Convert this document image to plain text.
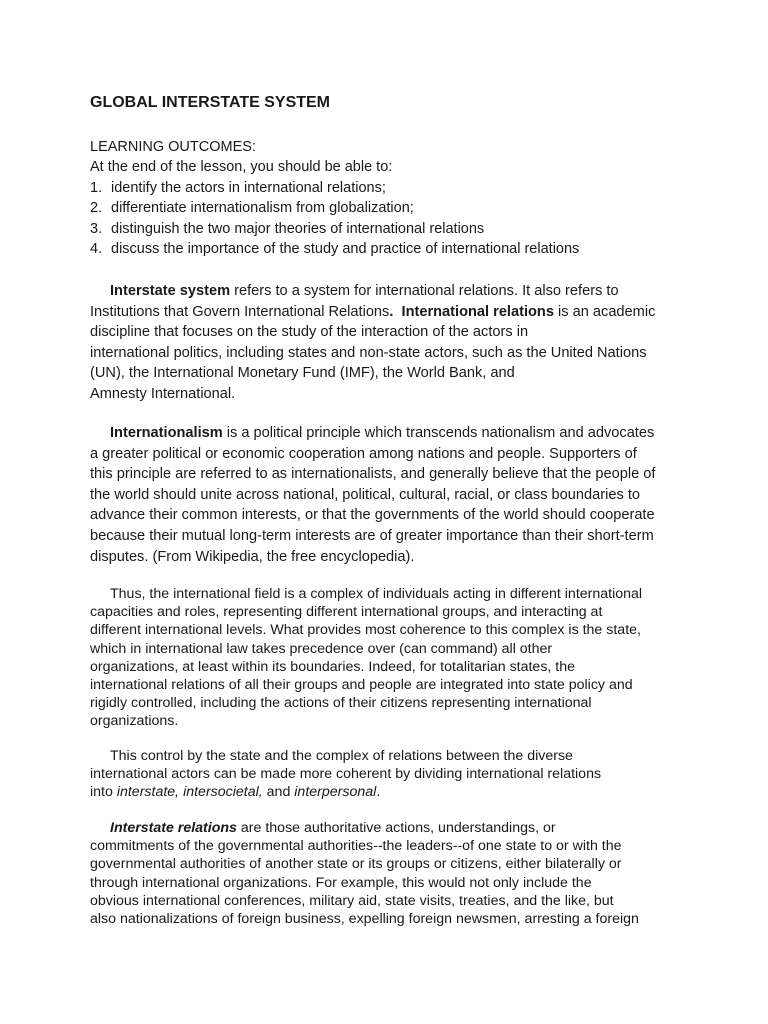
GLOBAL INTERSTATE SYSTEM
LEARNING OUTCOMES:
At the end of the lesson, you should be able to:
1. identify the actors in international relations;
2. differentiate internationalism from globalization;
3. distinguish the two major theories of international relations
4. discuss the importance of the study and practice of international relations
Interstate system refers to a system for international relations. It also refers to
Institutions that Govern International Relations. International relations is an academic
discipline that focuses on the study of the interaction of the actors in
international politics, including states and non-state actors, such as the United Nations
(UN), the International Monetary Fund (IMF), the World Bank, and
Amnesty International.
Internationalism is a political principle which transcends nationalism and advocates
a greater political or economic cooperation among nations and people. Supporters of
this principle are referred to as internationalists, and generally believe that the people of
the world should unite across national, political, cultural, racial, or class boundaries to
advance their common interests, or that the governments of the world should cooperate
because their mutual long-term interests are of greater importance than their short-term
disputes. (From Wikipedia, the free encyclopedia).
Thus, the international field is a complex of individuals acting in different international
capacities and roles, representing different international groups, and interacting at
different international levels. What provides most coherence to this complex is the state,
which in international law takes precedence over (can command) all other
organizations, at least within its boundaries. Indeed, for totalitarian states, the
international relations of all their groups and people are integrated into state policy and
rigidly controlled, including the actions of their citizens representing international
organizations.
This control by the state and the complex of relations between the diverse
international actors can be made more coherent by dividing international relations
into interstate, intersocietal, and interpersonal.
Interstate relations are those authoritative actions, understandings, or
commitments of the governmental authorities--the leaders--of one state to or with the
governmental authorities of another state or its groups or citizens, either bilaterally or
through international organizations. For example, this would not only include the
obvious international conferences, military aid, state visits, treaties, and the like, but
also nationalizations of foreign business, expelling foreign newsmen, arresting a foreign
